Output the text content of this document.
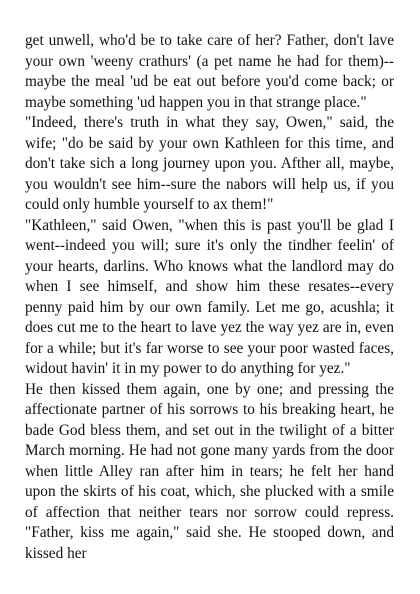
get unwell, who'd be to take care of her? Father, don't lave your own 'weeny crathurs' (a pet name he had for them)--maybe the meal 'ud be eat out before you'd come back; or maybe something 'ud happen you in that strange place."

"Indeed, there's truth in what they say, Owen," said, the wife; "do be said by your own Kathleen for this time, and don't take sich a long journey upon you. Afther all, maybe, you wouldn't see him--sure the nabors will help us, if you could only humble yourself to ax them!"

"Kathleen," said Owen, "when this is past you'll be glad I went--indeed you will; sure it's only the tindher feelin' of your hearts, darlins. Who knows what the landlord may do when I see himself, and show him these resates--every penny paid him by our own family. Let me go, acushla; it does cut me to the heart to lave yez the way yez are in, even for a while; but it's far worse to see your poor wasted faces, widout havin' it in my power to do anything for yez."

He then kissed them again, one by one; and pressing the affectionate partner of his sorrows to his breaking heart, he bade God bless them, and set out in the twilight of a bitter March morning. He had not gone many yards from the door when little Alley ran after him in tears; he felt her hand upon the skirts of his coat, which, she plucked with a smile of affection that neither tears nor sorrow could repress. "Father, kiss me again," said she. He stooped down, and kissed her
